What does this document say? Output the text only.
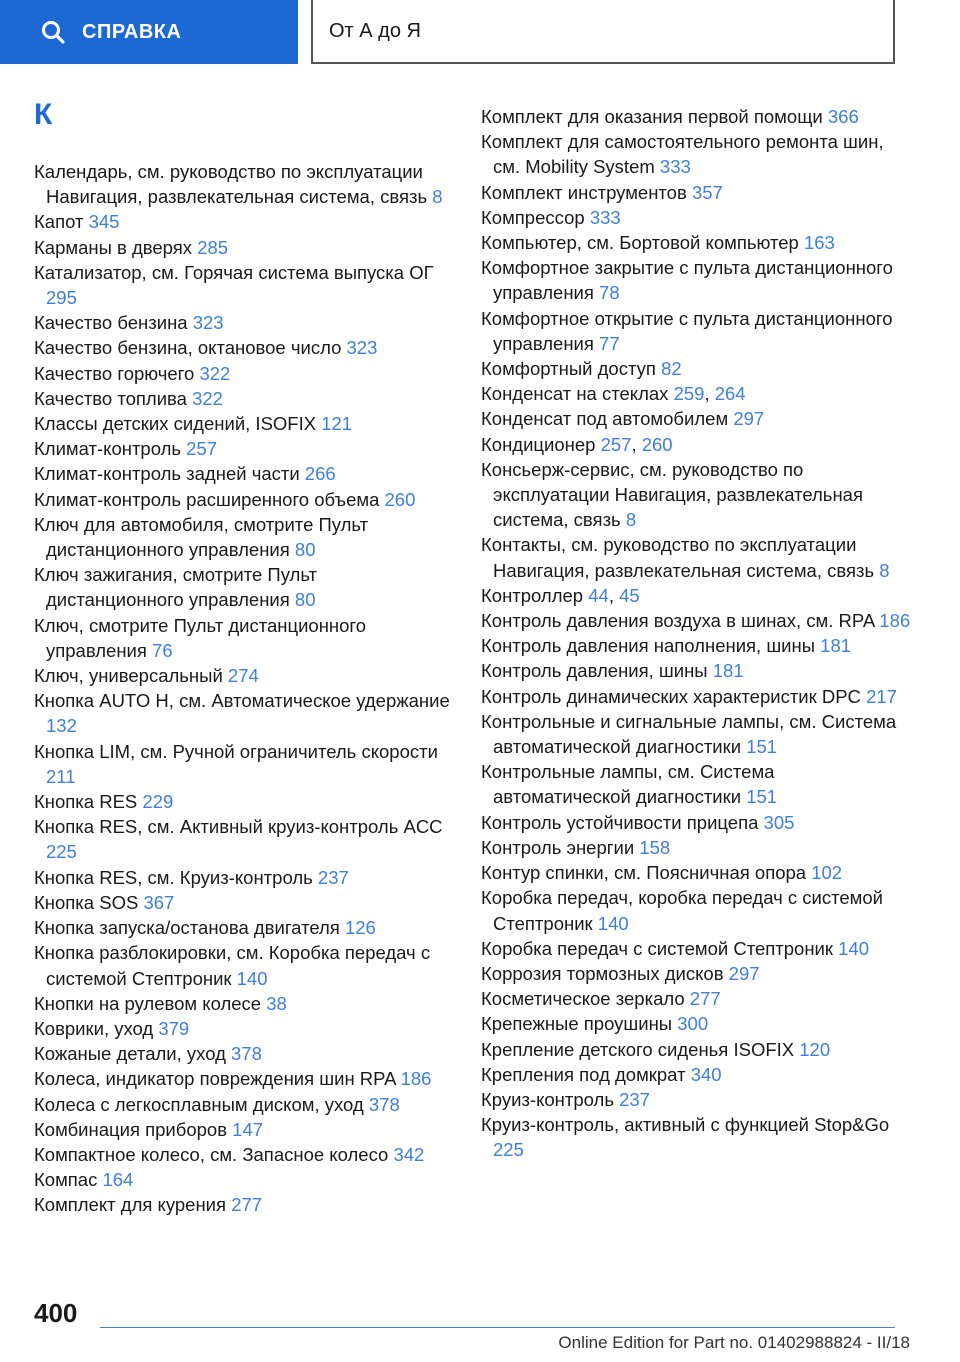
СПРАВКА	От А до Я
К
Календарь, см. руководство по эксплуатации Навигация, развлекательная система, связь 8
Капот 345
Карманы в дверях 285
Катализатор, см. Горячая система выпуска ОГ 295
Качество бензина 323
Качество бензина, октановое число 323
Качество горючего 322
Качество топлива 322
Классы детских сидений, ISOFIX 121
Климат-контроль 257
Климат-контроль задней части 266
Климат-контроль расширенного объема 260
Ключ для автомобиля, смотрите Пульт дистанционного управления 80
Ключ зажигания, смотрите Пульт дистанционного управления 80
Ключ, смотрите Пульт дистанционного управления 76
Ключ, универсальный 274
Кнопка AUTO H, см. Автоматическое удержание 132
Кнопка LIM, см. Ручной ограничитель скорости 211
Кнопка RES 229
Кнопка RES, см. Активный круиз-контроль ACC 225
Кнопка RES, см. Круиз-контроль 237
Кнопка SOS 367
Кнопка запуска/останова двигателя 126
Кнопка разблокировки, см. Коробка передач с системой Стептроник 140
Кнопки на рулевом колесе 38
Коврики, уход 379
Кожаные детали, уход 378
Колеса, индикатор повреждения шин RPA 186
Колеса с легкосплавным диском, уход 378
Комбинация приборов 147
Компактное колесо, см. Запасное колесо 342
Компас 164
Комплект для курения 277
Комплект для оказания первой помощи 366
Комплект для самостоятельного ремонта шин, см. Mobility System 333
Комплект инструментов 357
Компрессор 333
Компьютер, см. Бортовой компьютер 163
Комфортное закрытие с пульта дистанционного управления 78
Комфортное открытие с пульта дистанционного управления 77
Комфортный доступ 82
Конденсат на стеклах 259, 264
Конденсат под автомобилем 297
Кондиционер 257, 260
Консьерж-сервис, см. руководство по эксплуатации Навигация, развлекательная система, связь 8
Контакты, см. руководство по эксплуатации Навигация, развлекательная система, связь 8
Контроллер 44, 45
Контроль давления воздуха в шинах, см. RPA 186
Контроль давления наполнения, шины 181
Контроль давления, шины 181
Контроль динамических характеристик DPC 217
Контрольные и сигнальные лампы, см. Система автоматической диагностики 151
Контрольные лампы, см. Система автоматической диагностики 151
Контроль устойчивости прицепа 305
Контроль энергии 158
Контур спинки, см. Поясничная опора 102
Коробка передач, коробка передач с системой Стептроник 140
Коробка передач с системой Стептроник 140
Коррозия тормозных дисков 297
Косметическое зеркало 277
Крепежные проушины 300
Крепление детского сиденья ISOFIX 120
Крепления под домкрат 340
Круиз-контроль 237
Круиз-контроль, активный с функцией Stop&Go 225
400
Online Edition for Part no. 01402988824 - II/18
